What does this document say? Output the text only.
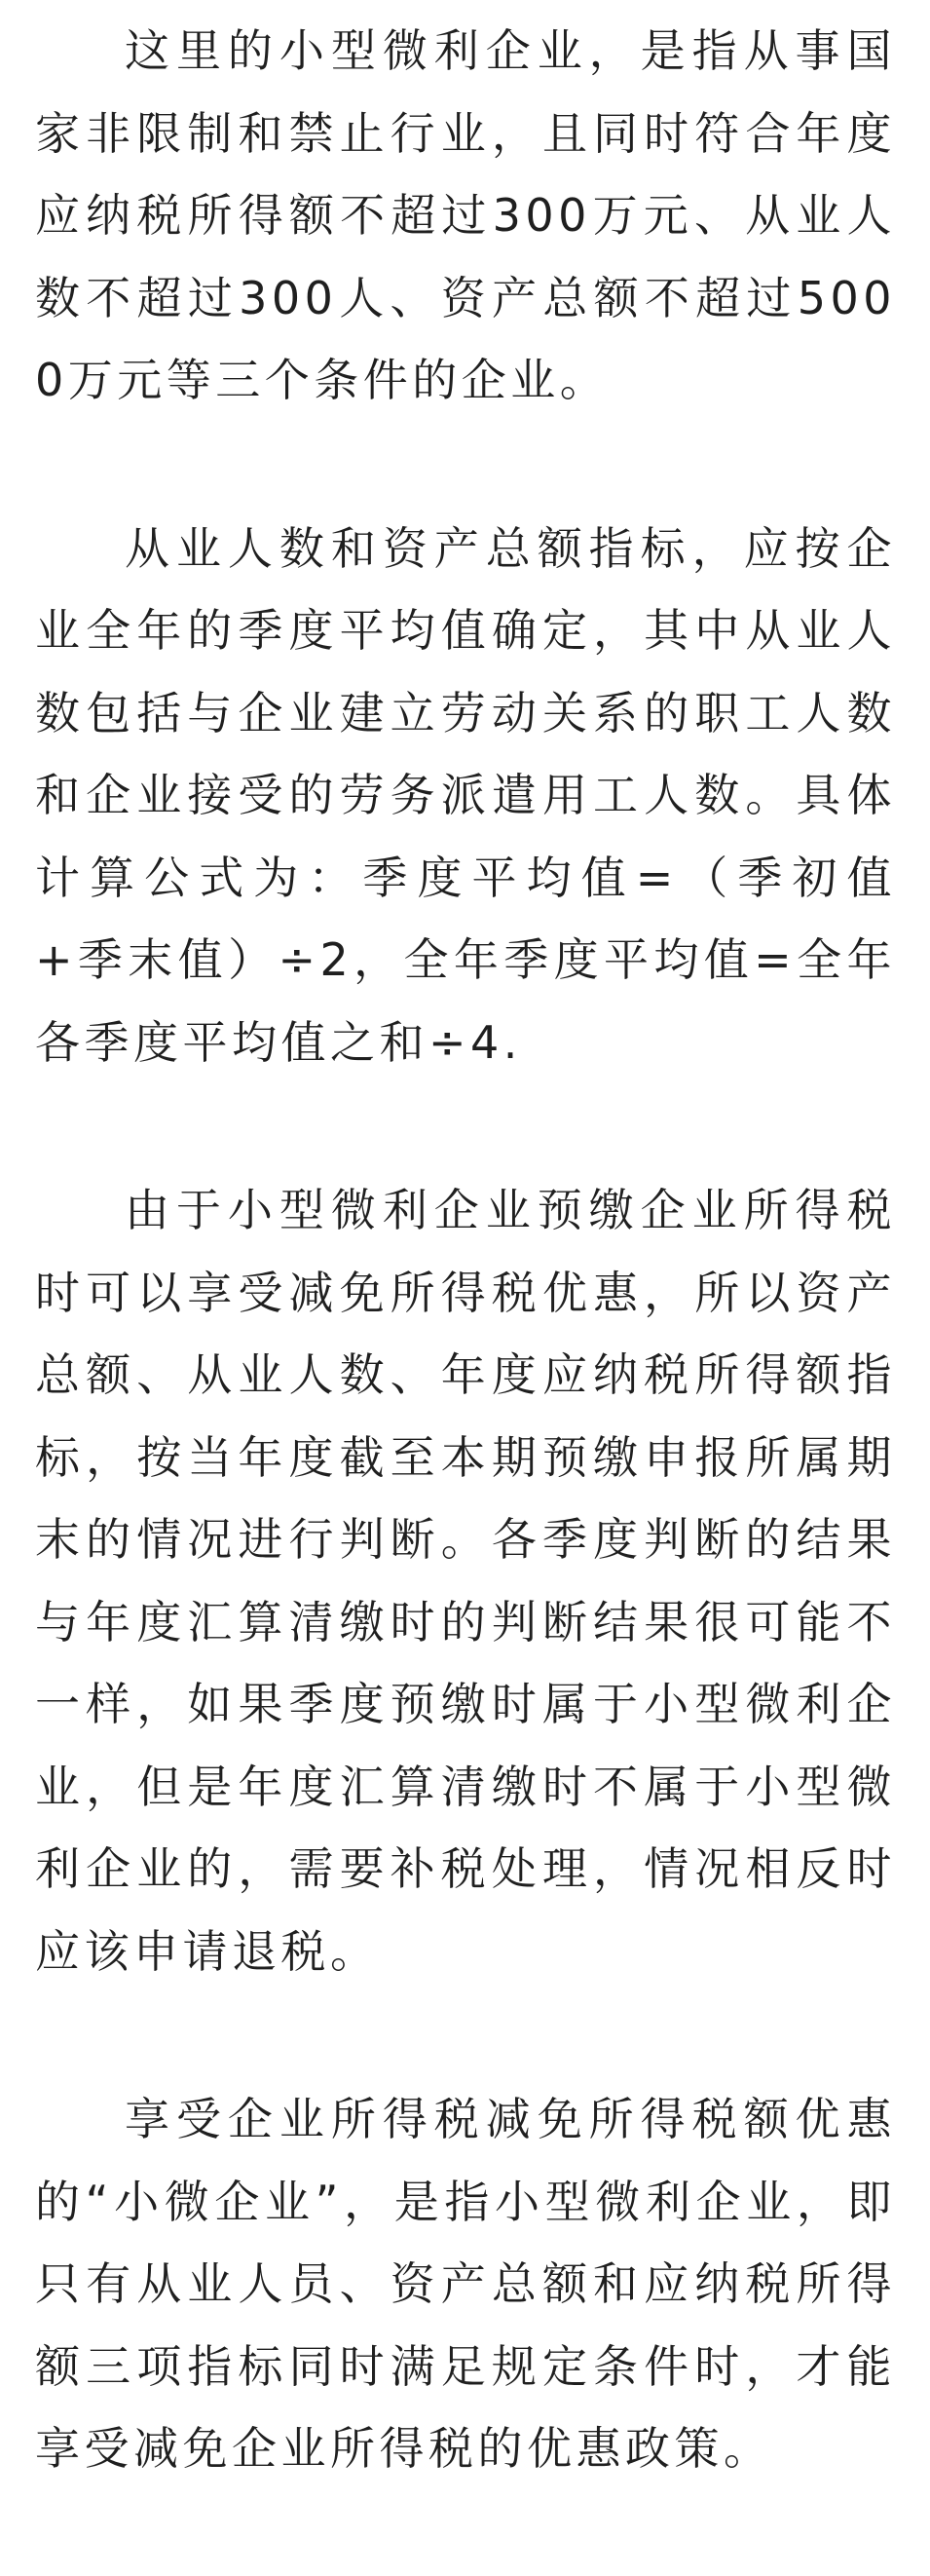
这里的小型微利企业，是指从事国家非限制和禁止行业，且同时符合年度应纳税所得额不超过300万元、从业人数不超过300人、资产总额不超过5000万元等三个条件的企业。

从业人数和资产总额指标，应按企业全年的季度平均值确定，其中从业人数包括与企业建立劳动关系的职工人数和企业接受的劳务派遣用工人数。具体计算公式为：季度平均值=（季初值+季末值）÷2，全年季度平均值=全年各季度平均值之和÷4.

由于小型微利企业预缴企业所得税时可以享受减免所得税优惠，所以资产总额、从业人数、年度应纳税所得额指标，按当年度截至本期预缴申报所属期末的情况进行判断。各季度判断的结果与年度汇算清缴时的判断结果很可能不一样，如果季度预缴时属于小型微利企业，但是年度汇算清缴时不属于小型微利企业的，需要补税处理，情况相反时应该申请退税。

享受企业所得税减免所得税额优惠的“小微企业”，是指小型微利企业，即只有从业人员、资产总额和应纳税所得额三项指标同时满足规定条件时，才能享受减免企业所得税的优惠政策。
